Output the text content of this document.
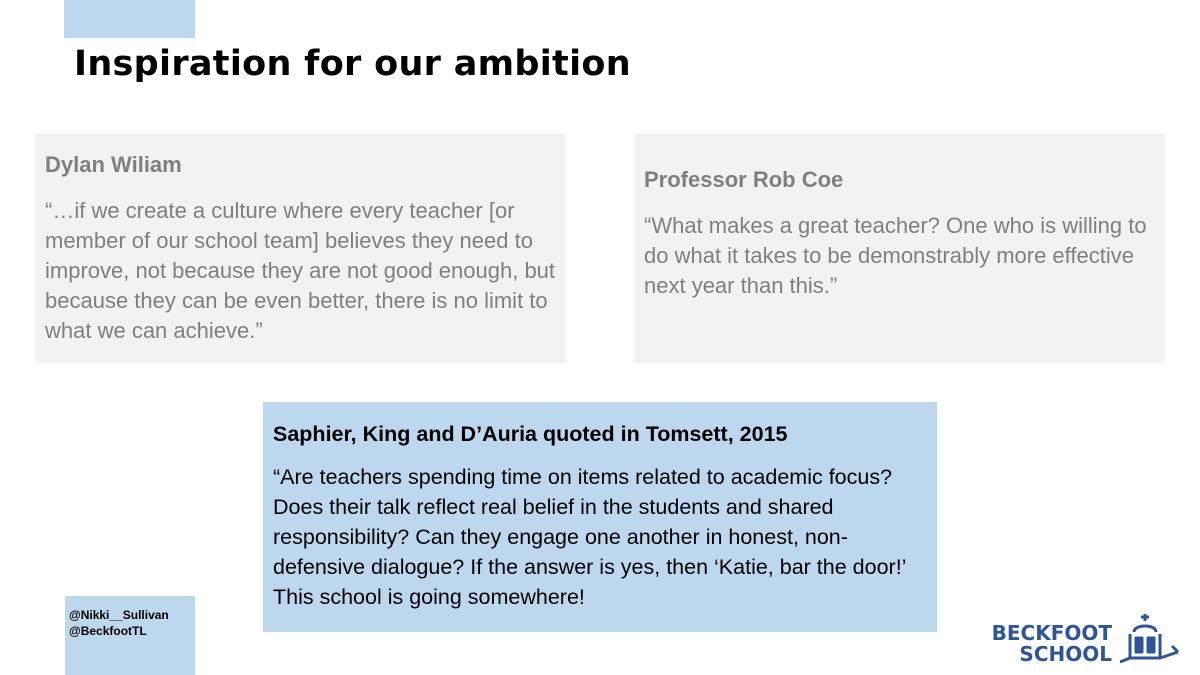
Inspiration for our ambition
Dylan Wiliam
“…if we create a culture where every teacher [or member of our school team] believes they need to improve, not because they are not good enough, but because they can be even better, there is no limit to what we can achieve.”
Professor Rob Coe
“What makes a great teacher? One who is willing to do what it takes to be demonstrably more effective next year than this.”
Saphier, King and D’Auria quoted in Tomsett, 2015
“Are teachers spending time on items related to academic focus? Does their talk reflect real belief in the students and shared responsibility? Can they engage one another in honest, non-defensive dialogue? If the answer is yes, then ‘Katie, bar the door!’ This school is going somewhere!
@Nikki__Sullivan
@BeckfootTL	BECKFOOT
SCHOOL
